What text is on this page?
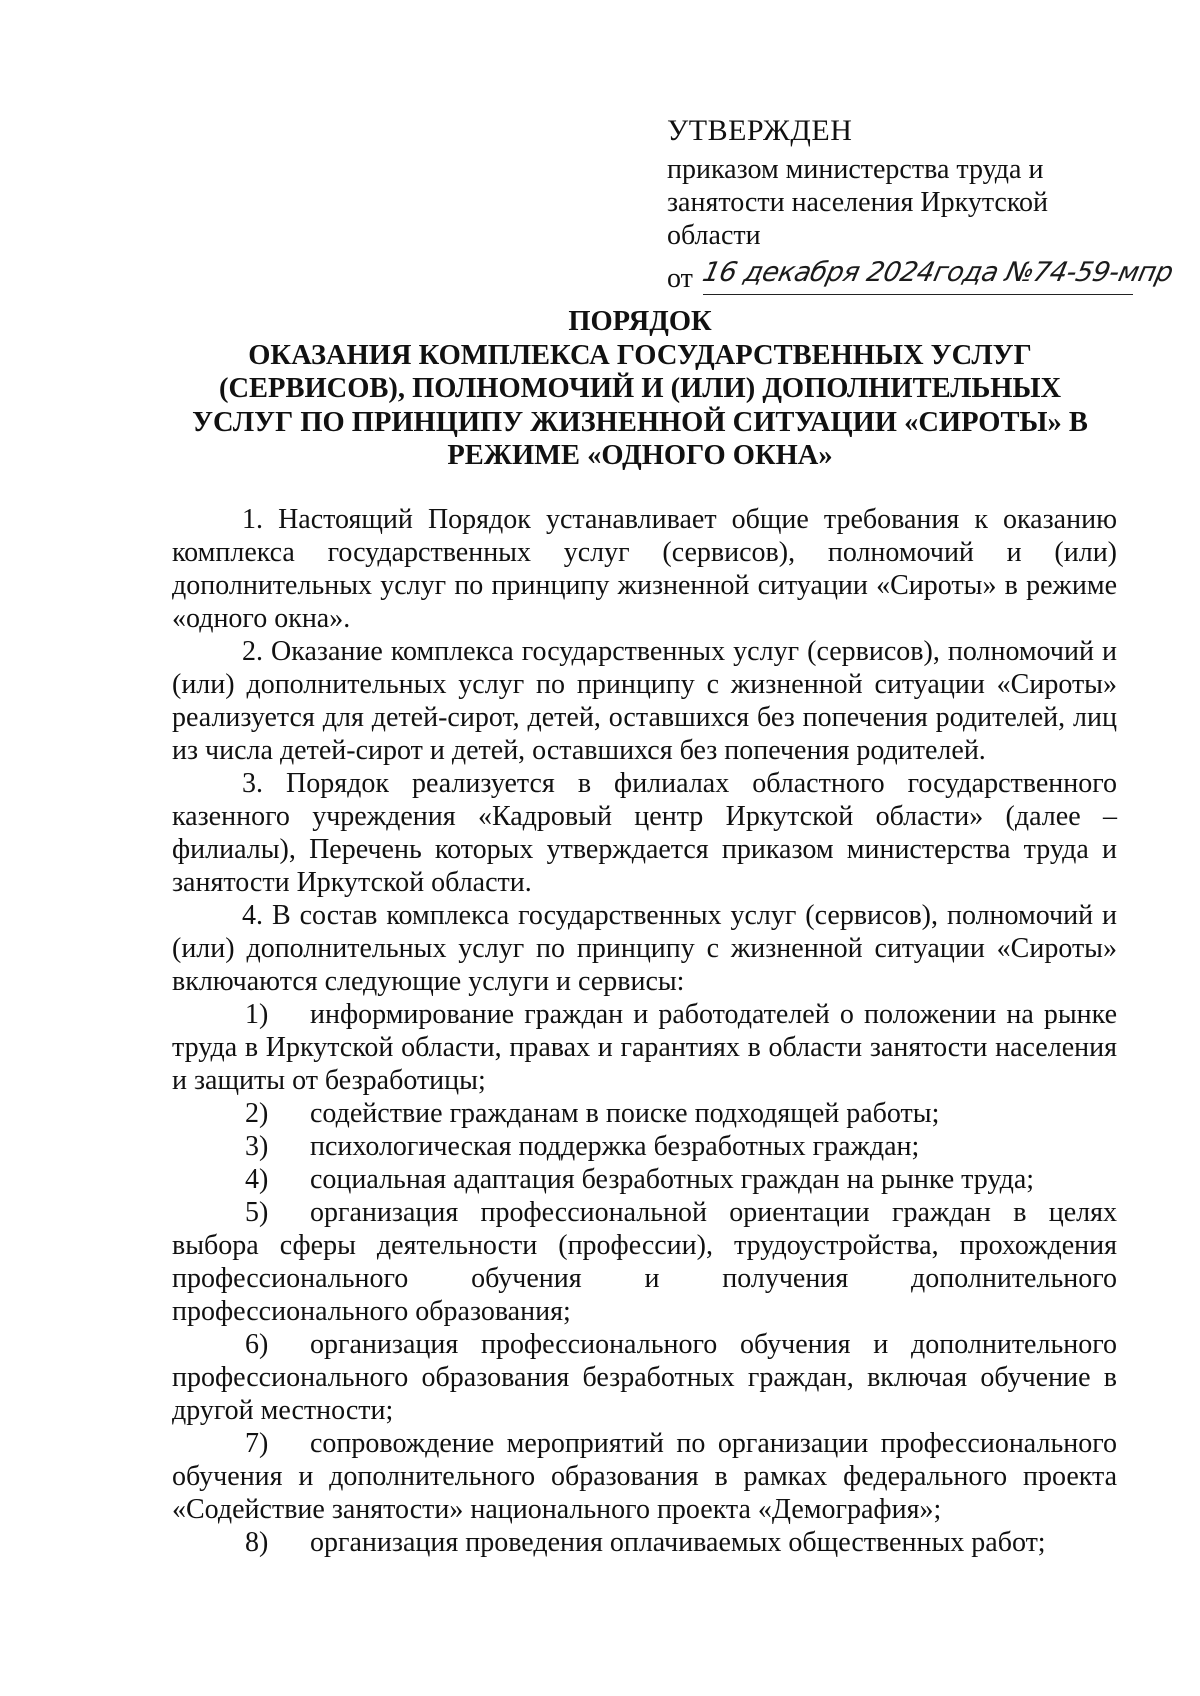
УТВЕРЖДЕН
приказом министерства труда и
занятости населения Иркутской
области
от 16 декабря 2024года №74-59-мпр
ПОРЯДОК
ОКАЗАНИЯ КОМПЛЕКСА ГОСУДАРСТВЕННЫХ УСЛУГ
(СЕРВИСОВ), ПОЛНОМОЧИЙ И (ИЛИ) ДОПОЛНИТЕЛЬНЫХ
УСЛУГ ПО ПРИНЦИПУ ЖИЗНЕННОЙ СИТУАЦИИ «СИРОТЫ» В
РЕЖИМЕ «ОДНОГО ОКНА»

1. Настоящий Порядок устанавливает общие требования к оказанию комплекса государственных услуг (сервисов), полномочий и (или) дополнительных услуг по принципу жизненной ситуации «Сироты» в режиме «одного окна».

2. Оказание комплекса государственных услуг (сервисов), полномочий и (или) дополнительных услуг по принципу с жизненной ситуации «Сироты» реализуется для детей-сирот, детей, оставшихся без попечения родителей, лиц из числа детей-сирот и детей, оставшихся без попечения родителей.

3. Порядок реализуется в филиалах областного государственного казенного учреждения «Кадровый центр Иркутской области» (далее – филиалы), Перечень которых утверждается приказом министерства труда и занятости Иркутской области.

4. В состав комплекса государственных услуг (сервисов), полномочий и (или) дополнительных услуг по принципу с жизненной ситуации «Сироты» включаются следующие услуги и сервисы:

1) информирование граждан и работодателей о положении на рынке труда в Иркутской области, правах и гарантиях в области занятости населения и защиты от безработицы;
2) содействие гражданам в поиске подходящей работы;
3) психологическая поддержка безработных граждан;
4) социальная адаптация безработных граждан на рынке труда;
5) организация профессиональной ориентации граждан в целях выбора сферы деятельности (профессии), трудоустройства, прохождения профессионального обучения и получения дополнительного профессионального образования;
6) организация профессионального обучения и дополнительного профессионального образования безработных граждан, включая обучение в другой местности;
7) сопровождение мероприятий по организации профессионального обучения и дополнительного образования в рамках федерального проекта «Содействие занятости» национального проекта «Демография»;
8) организация проведения оплачиваемых общественных работ;
